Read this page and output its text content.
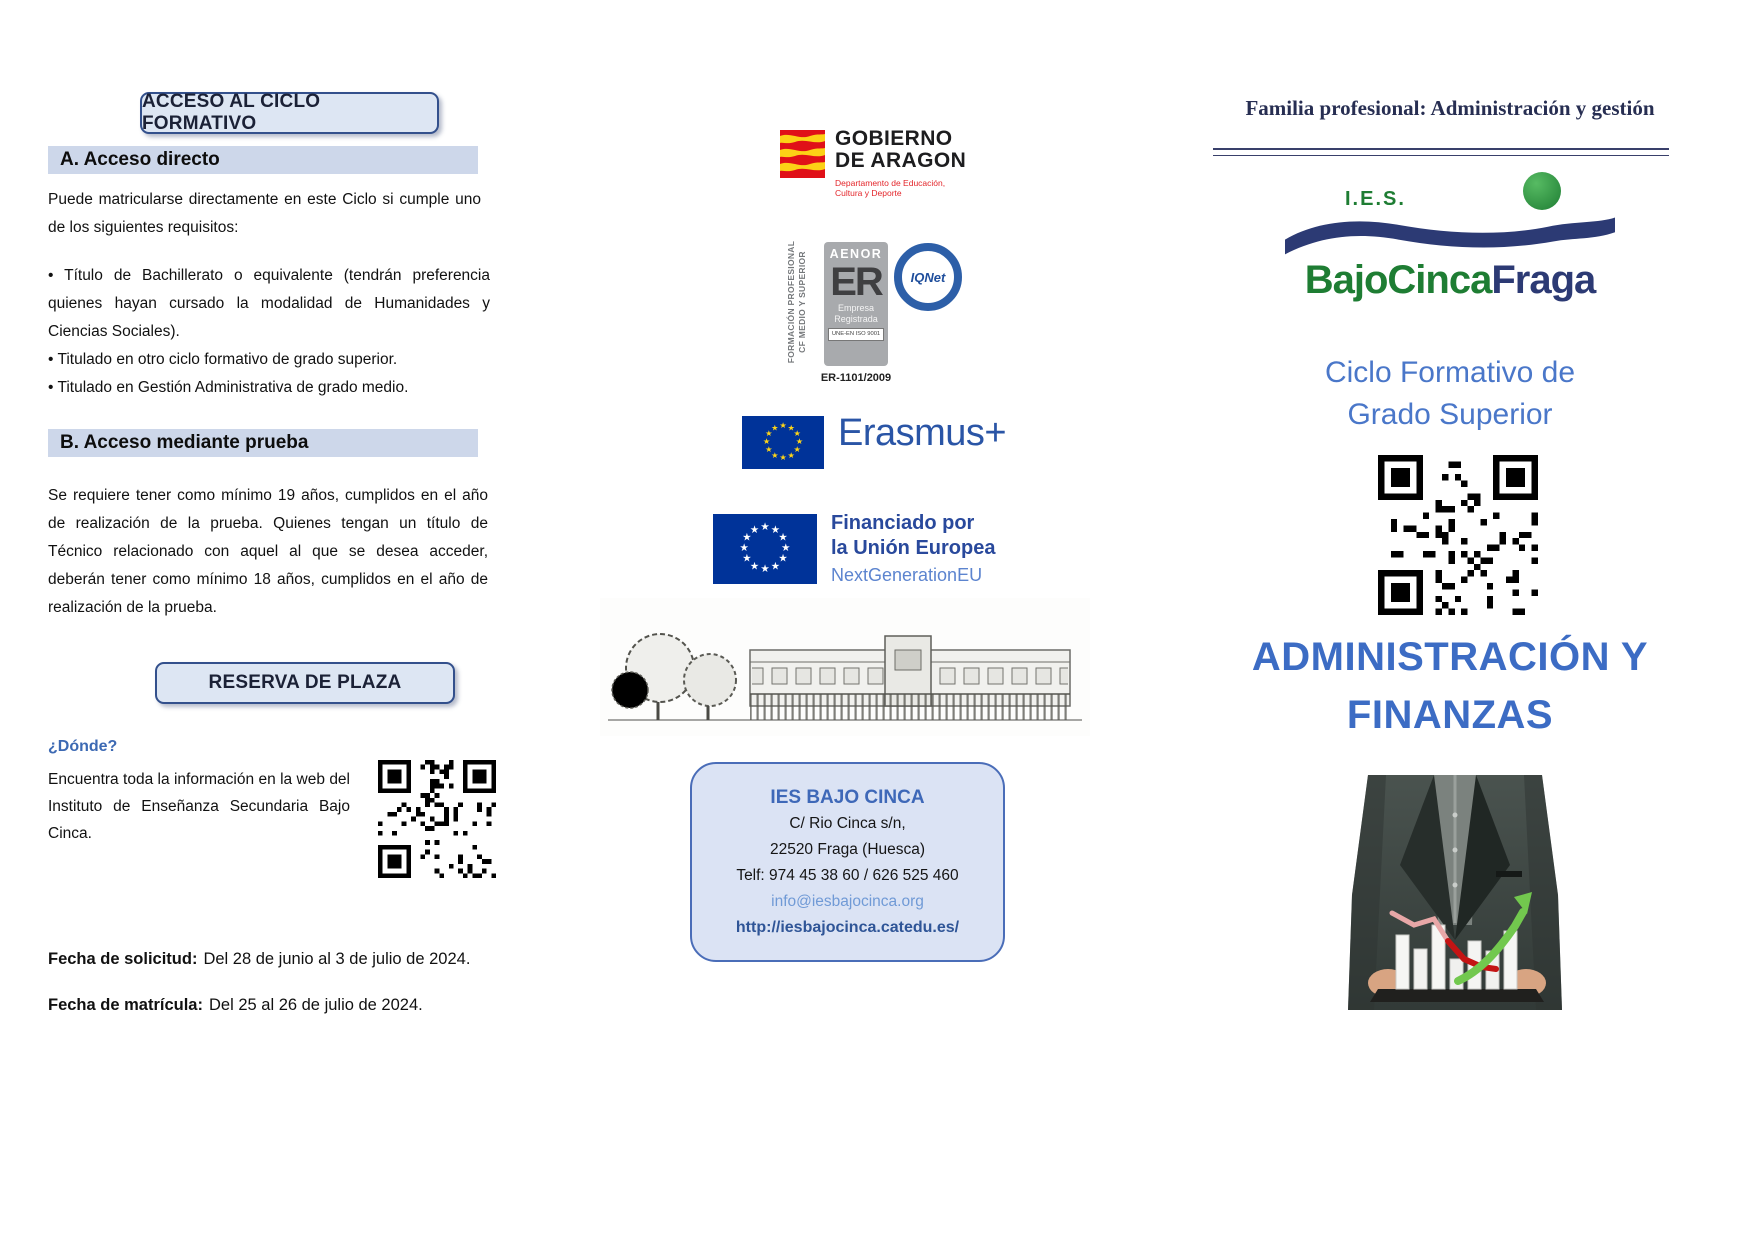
ACCESO AL CICLO FORMATIVO
A. Acceso directo

Puede matricularse directamente en este Ciclo si cumple uno de los siguientes requisitos:

• Título de Bachillerato o equivalente (tendrán preferencia quienes hayan cursado la modalidad de Humanidades y Ciencias Sociales).
• Titulado en otro ciclo formativo de grado superior.
• Titulado en Gestión Administrativa de grado medio.
B. Acceso mediante prueba

Se requiere tener como mínimo 19 años, cumplidos en el año de realización de la prueba. Quienes tengan un título de Técnico relacionado con aquel al que se desea acceder, deberán tener como mínimo 18 años, cumplidos en el año de realización de la prueba.

RESERVA DE PLAZA
¿Dónde?

Encuentra toda la información en la web del Instituto de Enseñanza Secundaria Bajo Cinca.

Fecha de solicitud: Del 28 de junio al 3 de julio de 2024.

Fecha de matrícula: Del 25 al 26 de julio de 2024.

GOBIERNO
DE ARAGON
Departamento de Educación,
Cultura y Deporte
FORMACIÓN PROFESIONAL CF MEDIO Y SUPERIOR AENOR
ER
Empresa Registrada
UNE-EN ISO 9001
IQNet
ER-1101/2009
★ ★
★
★
★
★
★
★
★
★
★
★ Erasmus+
★ ★
★
★
★
★
★
★
★
★
★
★	Financiado por
la Unión Europea
NextGenerationEU
IES BAJO CINCA
C/ Rio Cinca s/n,
22520 Fraga (Huesca)
Telf: 974 45 38 60 / 626 525 460
info@iesbajocinca.org
http://iesbajocinca.catedu.es/
Familia profesional: Administración y gestión
I.E.S.
BajoCincaFraga
Ciclo Formativo de
Grado Superior
ADMINISTRACIÓN Y
FINANZAS
